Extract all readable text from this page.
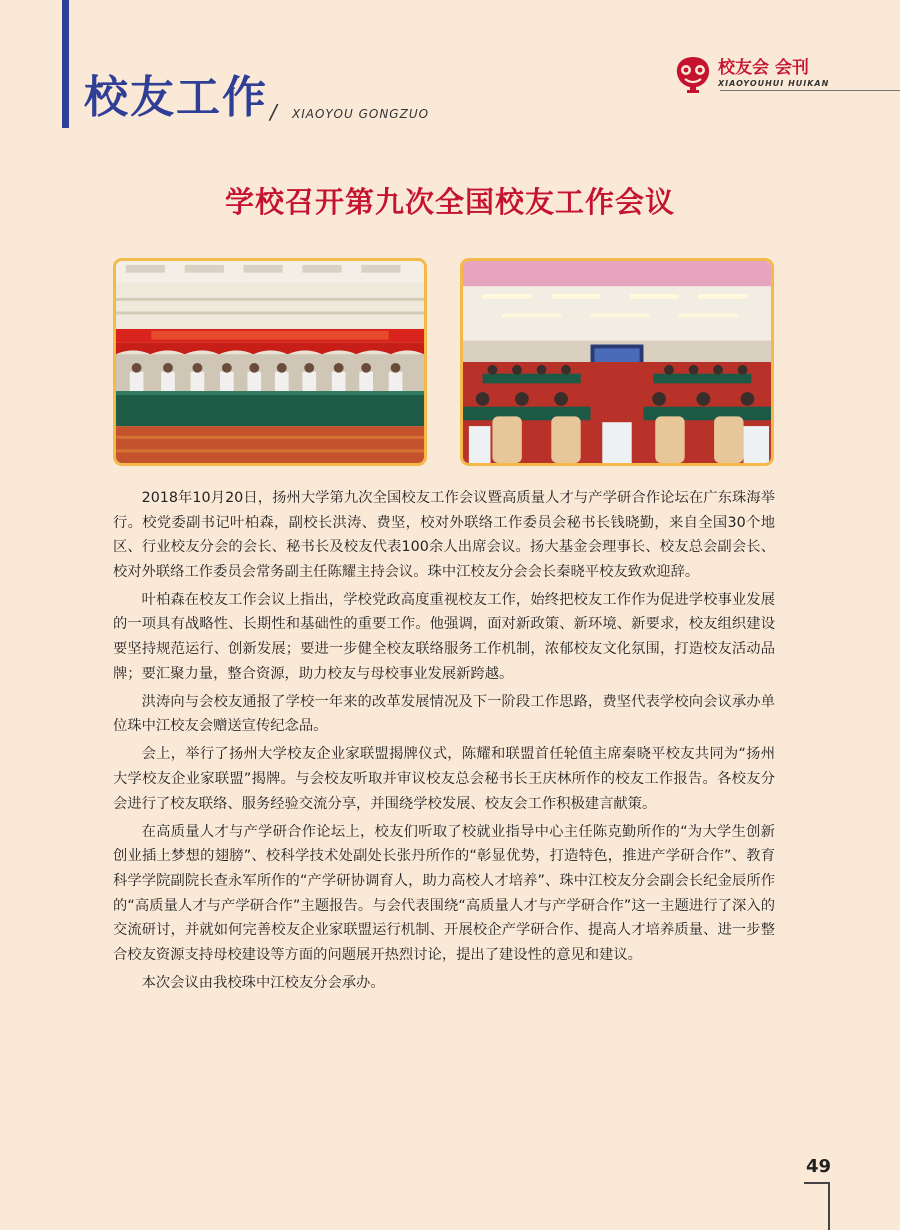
校友工作 / XIAOYOU GONGZUO
校友会 会刊
XIAOYOUHUI HUIKAN
学校召开第九次全国校友工作会议

2018年10月20日，扬州大学第九次全国校友工作会议暨高质量人才与产学研合作论坛在广东珠海举行。校党委副书记叶柏森，副校长洪涛、费坚，校对外联络工作委员会秘书长钱晓勤，来自全国30个地区、行业校友分会的会长、秘书长及校友代表100余人出席会议。扬大基金会理事长、校友总会副会长、校对外联络工作委员会常务副主任陈耀主持会议。珠中江校友分会会长秦晓平校友致欢迎辞。

叶柏森在校友工作会议上指出，学校党政高度重视校友工作，始终把校友工作作为促进学校事业发展的一项具有战略性、长期性和基础性的重要工作。他强调，面对新政策、新环境、新要求，校友组织建设要坚持规范运行、创新发展；要进一步健全校友联络服务工作机制，浓郁校友文化氛围，打造校友活动品牌；要汇聚力量，整合资源，助力校友与母校事业发展新跨越。

洪涛向与会校友通报了学校一年来的改革发展情况及下一阶段工作思路，费坚代表学校向会议承办单位珠中江校友会赠送宣传纪念品。

会上，举行了扬州大学校友企业家联盟揭牌仪式，陈耀和联盟首任轮值主席秦晓平校友共同为“扬州大学校友企业家联盟”揭牌。与会校友听取并审议校友总会秘书长王庆林所作的校友工作报告。各校友分会进行了校友联络、服务经验交流分享，并围绕学校发展、校友会工作积极建言献策。

在高质量人才与产学研合作论坛上，校友们听取了校就业指导中心主任陈克勤所作的“为大学生创新创业插上梦想的翅膀”、校科学技术处副处长张丹所作的“彰显优势，打造特色，推进产学研合作”、教育科学学院副院长查永军所作的“产学研协调育人，助力高校人才培养”、珠中江校友分会副会长纪金辰所作的“高质量人才与产学研合作”主题报告。与会代表围绕“高质量人才与产学研合作”这一主题进行了深入的交流研讨，并就如何完善校友企业家联盟运行机制、开展校企产学研合作、提高人才培养质量、进一步整合校友资源支持母校建设等方面的问题展开热烈讨论，提出了建设性的意见和建议。

本次会议由我校珠中江校友分会承办。

49
